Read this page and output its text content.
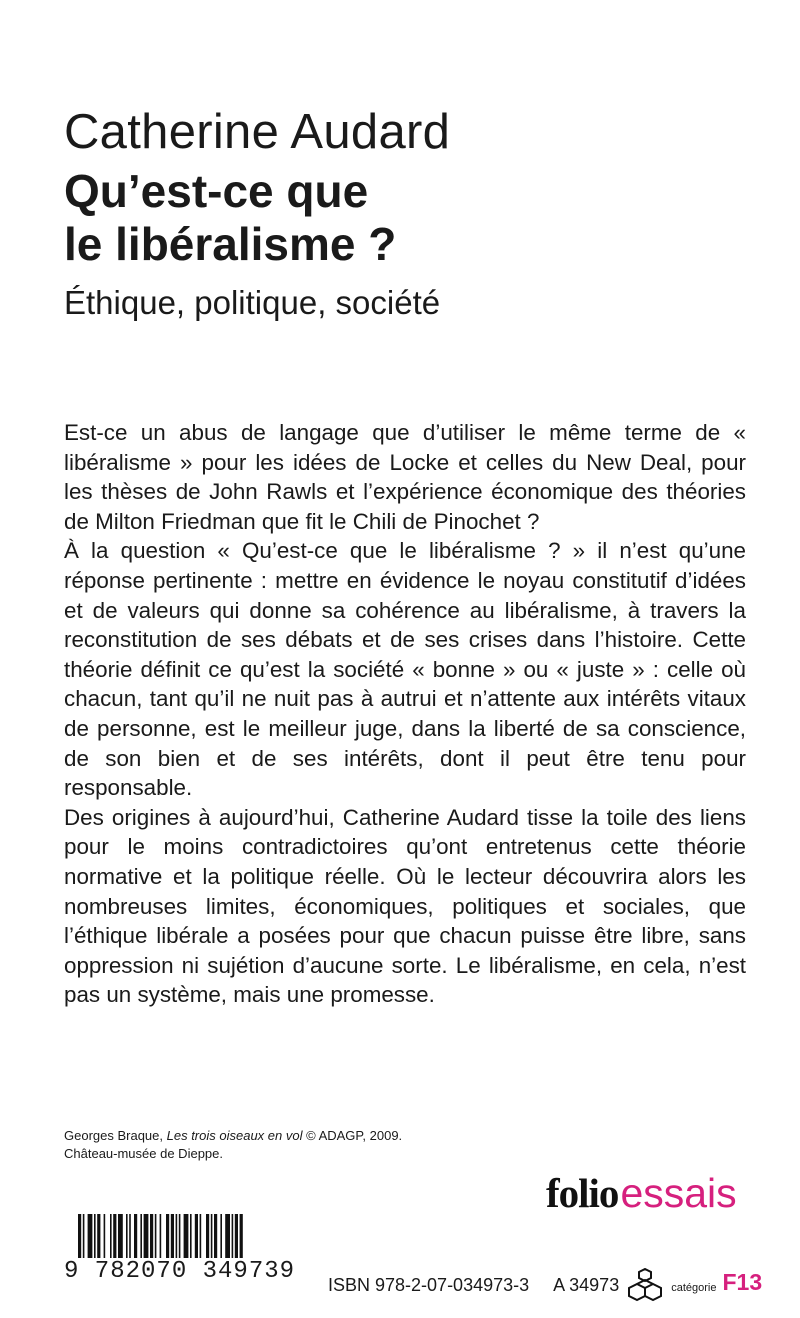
Catherine Audard
Qu’est-ce que
le libéralisme ?
Éthique, politique, société

Est-ce un abus de langage que d’utiliser le même terme de « libéralisme » pour les idées de Locke et celles du New Deal, pour les thèses de John Rawls et l’expérience économique des théories de Milton Friedman que fit le Chili de Pinochet ?

À la question « Qu’est-ce que le libéralisme ? » il n’est qu’une réponse pertinente : mettre en évidence le noyau constitutif d’idées et de valeurs qui donne sa cohérence au libéralisme, à travers la reconstitution de ses débats et de ses crises dans l’histoire. Cette théorie définit ce qu’est la société « bonne » ou « juste » : celle où chacun, tant qu’il ne nuit pas à autrui et n’attente aux intérêts vitaux de personne, est le meilleur juge, dans la liberté de sa conscience, de son bien et de ses intérêts, dont il peut être tenu pour responsable.

Des origines à aujourd’hui, Catherine Audard tisse la toile des liens pour le moins contradictoires qu’ont entretenus cette théorie normative et la politique réelle. Où le lecteur découvrira alors les nombreuses limites, économiques, politiques et sociales, que l’éthique libérale a posées pour que chacun puisse être libre, sans oppression ni sujétion d’aucune sorte. Le libéralisme, en cela, n’est pas un système, mais une promesse.

Georges Braque, Les trois oiseaux en vol © ADAGP, 2009.
Château-musée de Dieppe.
folioessais
9 782070 349739 ISBN 978-2-07-034973-3 A 34973	catégorie F13
